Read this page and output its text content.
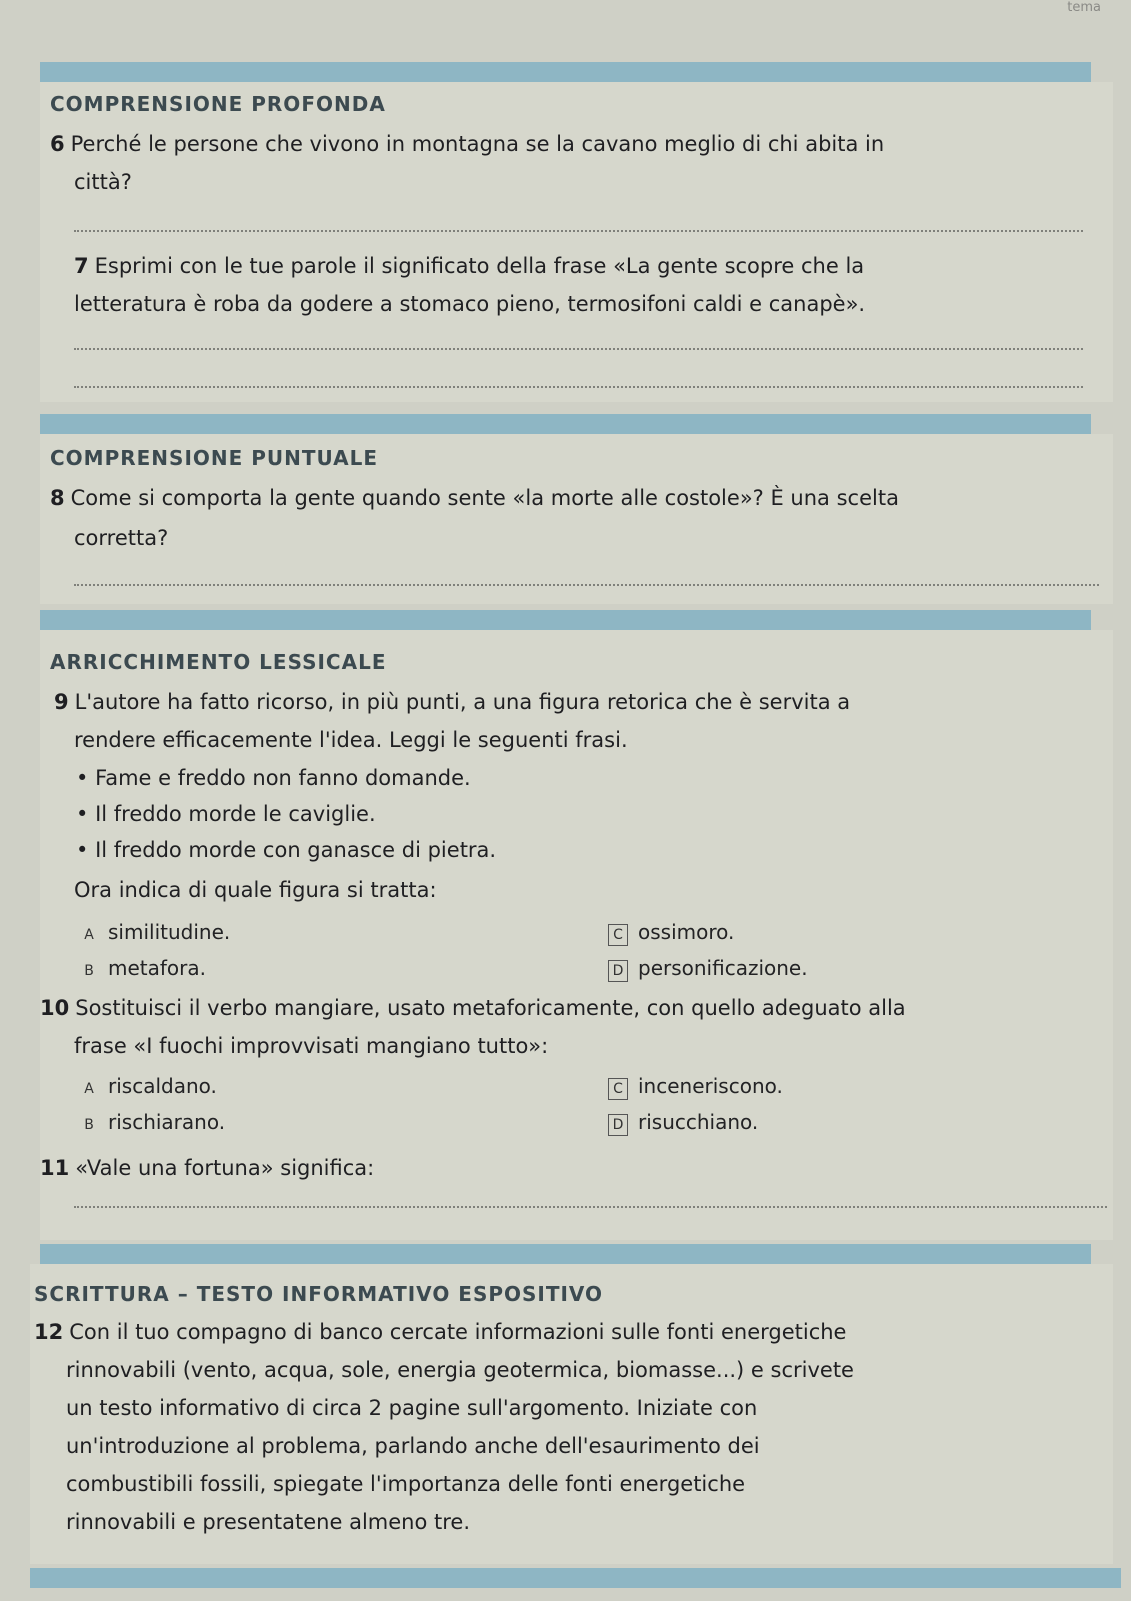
tema
COMPRENSIONE PROFONDA
6 Perché le persone che vivono in montagna se la cavano meglio di chi abita in
città?
7 Esprimi con le tue parole il significato della frase «La gente scopre che la
letteratura è roba da godere a stomaco pieno, termosifoni caldi e canapè».
COMPRENSIONE PUNTUALE
8 Come si comporta la gente quando sente «la morte alle costole»? È una scelta
corretta?
ARRICCHIMENTO LESSICALE
9 L'autore ha fatto ricorso, in più punti, a una figura retorica che è servita a
rendere efficacemente l'idea. Leggi le seguenti frasi.
• Fame e freddo non fanno domande.
• Il freddo morde le caviglie.
• Il freddo morde con ganasce di pietra.
Ora indica di quale figura si tratta:
A similitudine.
B metafora.
C ossimoro.
D personificazione.
10 Sostituisci il verbo mangiare, usato metaforicamente, con quello adeguato alla
frase «I fuochi improvvisati mangiano tutto»:
A riscaldano.
B rischiarano.
C inceneriscono.
D risucchiano.
11 «Vale una fortuna» significa:
SCRITTURA – TESTO INFORMATIVO ESPOSITIVO
12 Con il tuo compagno di banco cercate informazioni sulle fonti energetiche
rinnovabili (vento, acqua, sole, energia geotermica, biomasse...) e scrivete
un testo informativo di circa 2 pagine sull'argomento. Iniziate con
un'introduzione al problema, parlando anche dell'esaurimento dei
combustibili fossili, spiegate l'importanza delle fonti energetiche
rinnovabili e presentatene almeno tre.
